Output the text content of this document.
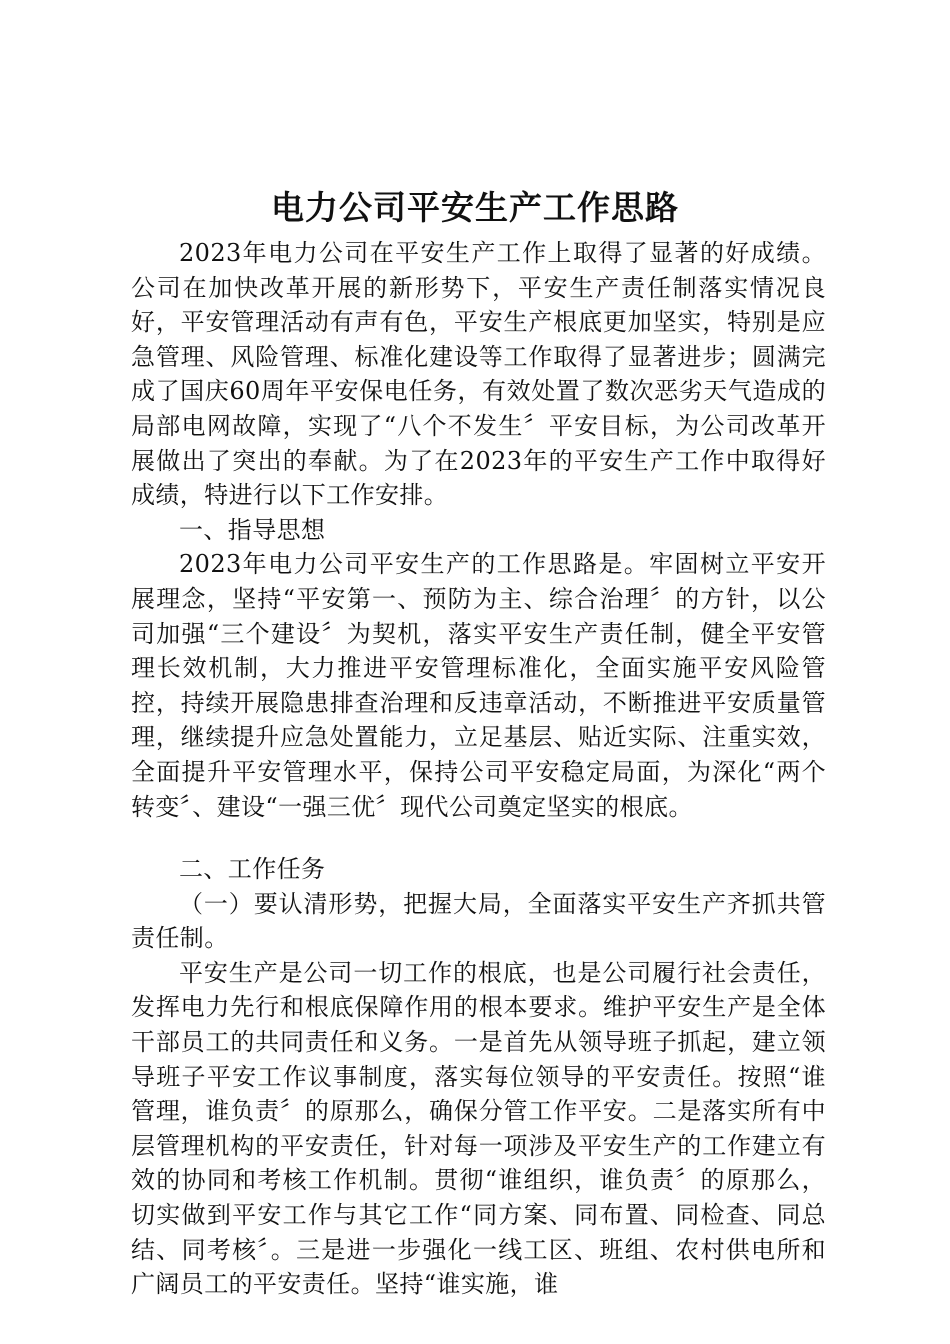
电力公司平安生产工作思路

2023年电力公司在平安生产工作上取得了显著的好成绩。公司在加快改革开展的新形势下，平安生产责任制落实情况良好，平安管理活动有声有色，平安生产根底更加坚实，特别是应急管理、风险管理、标准化建设等工作取得了显著进步；圆满完成了国庆60周年平安保电任务，有效处置了数次恶劣天气造成的局部电网故障，实现了“八个不发生〞平安目标，为公司改革开展做出了突出的奉献。为了在2023年的平安生产工作中取得好成绩，特进行以下工作安排。

一、指导思想

2023年电力公司平安生产的工作思路是。牢固树立平安开展理念，坚持“平安第一、预防为主、综合治理〞的方针，以公司加强“三个建设〞为契机，落实平安生产责任制，健全平安管理长效机制，大力推进平安管理标准化，全面实施平安风险管控，持续开展隐患排查治理和反违章活动，不断推进平安质量管理，继续提升应急处置能力，立足基层、贴近实际、注重实效，全面提升平安管理水平，保持公司平安稳定局面，为深化“两个转变〞、建设“一强三优〞现代公司奠定坚实的根底。

二、工作任务

（一）要认清形势，把握大局，全面落实平安生产齐抓共管责任制。

平安生产是公司一切工作的根底，也是公司履行社会责任，发挥电力先行和根底保障作用的根本要求。维护平安生产是全体干部员工的共同责任和义务。一是首先从领导班子抓起，建立领导班子平安工作议事制度，落实每位领导的平安责任。按照“谁管理，谁负责〞的原那么，确保分管工作平安。二是落实所有中层管理机构的平安责任，针对每一项涉及平安生产的工作建立有效的协同和考核工作机制。贯彻“谁组织，谁负责〞的原那么，切实做到平安工作与其它工作“同方案、同布置、同检查、同总结、同考核〞。三是进一步强化一线工区、班组、农村供电所和广阔员工的平安责任。坚持“谁实施，谁
